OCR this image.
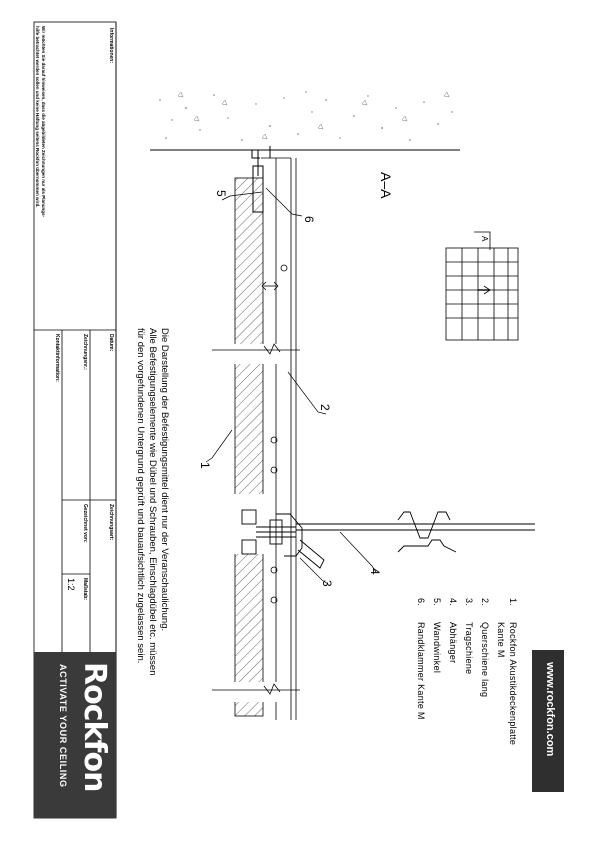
Informationen:
Wir möchten Sie darauf hinweisen, dass die abgebildeten Zeichnungen nur als Planungs-
hilfe betrachtet werden sollen und keine Haftung seitens Rockfon übernommen wird.
Datum:
Zeichnungsnr.:
Kontaktinformation:
Zeichnungsart:
Gezeichnet von:
Maßstab:
1:2
Rockfon
ACTIVATE YOUR CEILING	www.rockfon.com
A–A
A
Die Darstellung der Befestigungsmittel dient nur der Veranschaulichung.
Alle Befestigungselemente wie Dübel und Schrauben, Einschlagdübel etc. müssen
für den vorgefundenen Untergrund geprüft und bauaufsichtlich zugelassen sein.	1.
Rockfon Akustikdeckenplatte
Kante M
2.
Querschiene lang
3.
Tragschiene
4.
Abhänger
5.
Wandwinkel
6.
Randklammer Kante M
1
2
3
4
5
6
